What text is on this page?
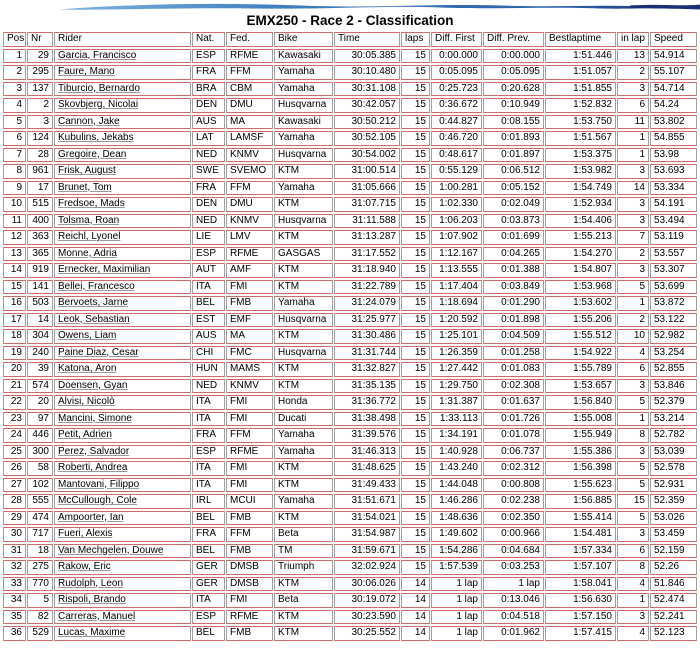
EMX250 - Race 2 - Classification
Pos	Nr	Rider	Nat.	Fed.	Bike	Time	laps	Diff. First	Diff. Prev.	Bestlaptime	in lap	Speed
1	29	Garcia, Francisco	ESP	RFME	Kawasaki	30:05.385	15	0:00.000	0:00.000	1:51.446	13	54.914
2	295	Faure, Mano	FRA	FFM	Yamaha	30:10.480	15	0:05.095	0:05.095	1:51.057	2	55.107
3	137	Tiburcio, Bernardo	BRA	CBM	Yamaha	30:31.108	15	0:25.723	0:20.628	1:51.855	3	54.714
4	2	Skovbjerg, Nicolai	DEN	DMU	Husqvarna	30:42.057	15	0:36.672	0:10.949	1:52.832	6	54.24
5	3	Cannon, Jake	AUS	MA	Kawasaki	30:50.212	15	0:44.827	0:08.155	1:53.750	11	53.802
6	124	Kubulins, Jekabs	LAT	LAMSF	Yamaha	30:52.105	15	0:46.720	0:01.893	1:51.567	1	54.855
7	28	Gregoire, Dean	NED	KNMV	Husqvarna	30:54.002	15	0:48.617	0:01.897	1:53.375	1	53.98
8	961	Frisk, August	SWE	SVEMO	KTM	31:00.514	15	0:55.129	0:06.512	1:53.982	3	53.693
9	17	Brunet, Tom	FRA	FFM	Yamaha	31:05.666	15	1:00.281	0:05.152	1:54.749	14	53.334
10	515	Fredsoe, Mads	DEN	DMU	KTM	31:07.715	15	1:02.330	0:02.049	1:52.934	3	54.191
11	400	Tolsma, Roan	NED	KNMV	Husqvarna	31:11.588	15	1:06.203	0:03.873	1:54.406	3	53.494
12	363	Reichl, Lyonel	LIE	LMV	KTM	31:13.287	15	1:07.902	0:01.699	1:55.213	7	53.119
13	365	Monne, Adria	ESP	RFME	GASGAS	31:17.552	15	1:12.167	0:04.265	1:54.270	2	53.557
14	919	Ernecker, Maximilian	AUT	AMF	KTM	31:18.940	15	1:13.555	0:01.388	1:54.807	3	53.307
15	141	Bellei, Francesco	ITA	FMI	KTM	31:22.789	15	1:17.404	0:03.849	1:53.968	5	53.699
16	503	Bervoets, Jarne	BEL	FMB	Yamaha	31:24.079	15	1:18.694	0:01.290	1:53.602	1	53.872
17	14	Leok, Sebastian	EST	EMF	Husqvarna	31:25.977	15	1:20.592	0:01.898	1:55.206	2	53.122
18	304	Owens, Liam	AUS	MA	KTM	31:30.486	15	1:25.101	0:04.509	1:55.512	10	52.982
19	240	Paine Diaz, Cesar	CHI	FMC	Husqvarna	31:31.744	15	1:26.359	0:01.258	1:54.922	4	53.254
20	39	Katona, Áron	HUN	MAMS	KTM	31:32.827	15	1:27.442	0:01.083	1:55.789	6	52.855
21	574	Doensen, Gyan	NED	KNMV	KTM	31:35.135	15	1:29.750	0:02.308	1:53.657	3	53.846
22	20	Alvisi, Nicolò	ITA	FMI	Honda	31:36.772	15	1:31.387	0:01.637	1:56.840	5	52.379
23	97	Mancini, Simone	ITA	FMI	Ducati	31:38.498	15	1:33.113	0:01.726	1:55.008	1	53.214
24	446	Petit, Adrien	FRA	FFM	Yamaha	31:39.576	15	1:34.191	0:01.078	1:55.949	8	52.782
25	300	Perez, Salvador	ESP	RFME	Yamaha	31:46.313	15	1:40.928	0:06.737	1:55.386	3	53.039
26	58	Roberti, Andrea	ITA	FMI	KTM	31:48.625	15	1:43.240	0:02.312	1:56.398	5	52.578
27	102	Mantovani, Filippo	ITA	FMI	KTM	31:49.433	15	1:44.048	0:00.808	1:55.623	5	52.931
28	555	McCullough, Cole	IRL	MCUI	Yamaha	31:51.671	15	1:46.286	0:02.238	1:56.885	15	52.359
29	474	Ampoorter, Ian	BEL	FMB	KTM	31:54.021	15	1:48.636	0:02.350	1:55.414	5	53.026
30	717	Fueri, Alexis	FRA	FFM	Beta	31:54.987	15	1:49.602	0:00.966	1:54.481	3	53.459
31	18	Van Mechgelen, Douwe	BEL	FMB	TM	31:59.671	15	1:54.286	0:04.684	1:57.334	6	52.159
32	275	Rakow, Eric	GER	DMSB	Triumph	32:02.924	15	1:57.539	0:03.253	1:57.107	8	52.26
33	770	Rudolph, Leon	GER	DMSB	KTM	30:06.026	14	1 lap	1 lap	1:58.041	4	51.846
34	5	Rispoli, Brando	ITA	FMI	Beta	30:19.072	14	1 lap	0:13.046	1:56.630	1	52.474
35	82	Carreras, Manuel	ESP	RFME	KTM	30:23.590	14	1 lap	0:04.518	1:57.150	3	52.241
36	529	Lucas, Maxime	BEL	FMB	KTM	30:25.552	14	1 lap	0:01.962	1:57.415	4	52.123
